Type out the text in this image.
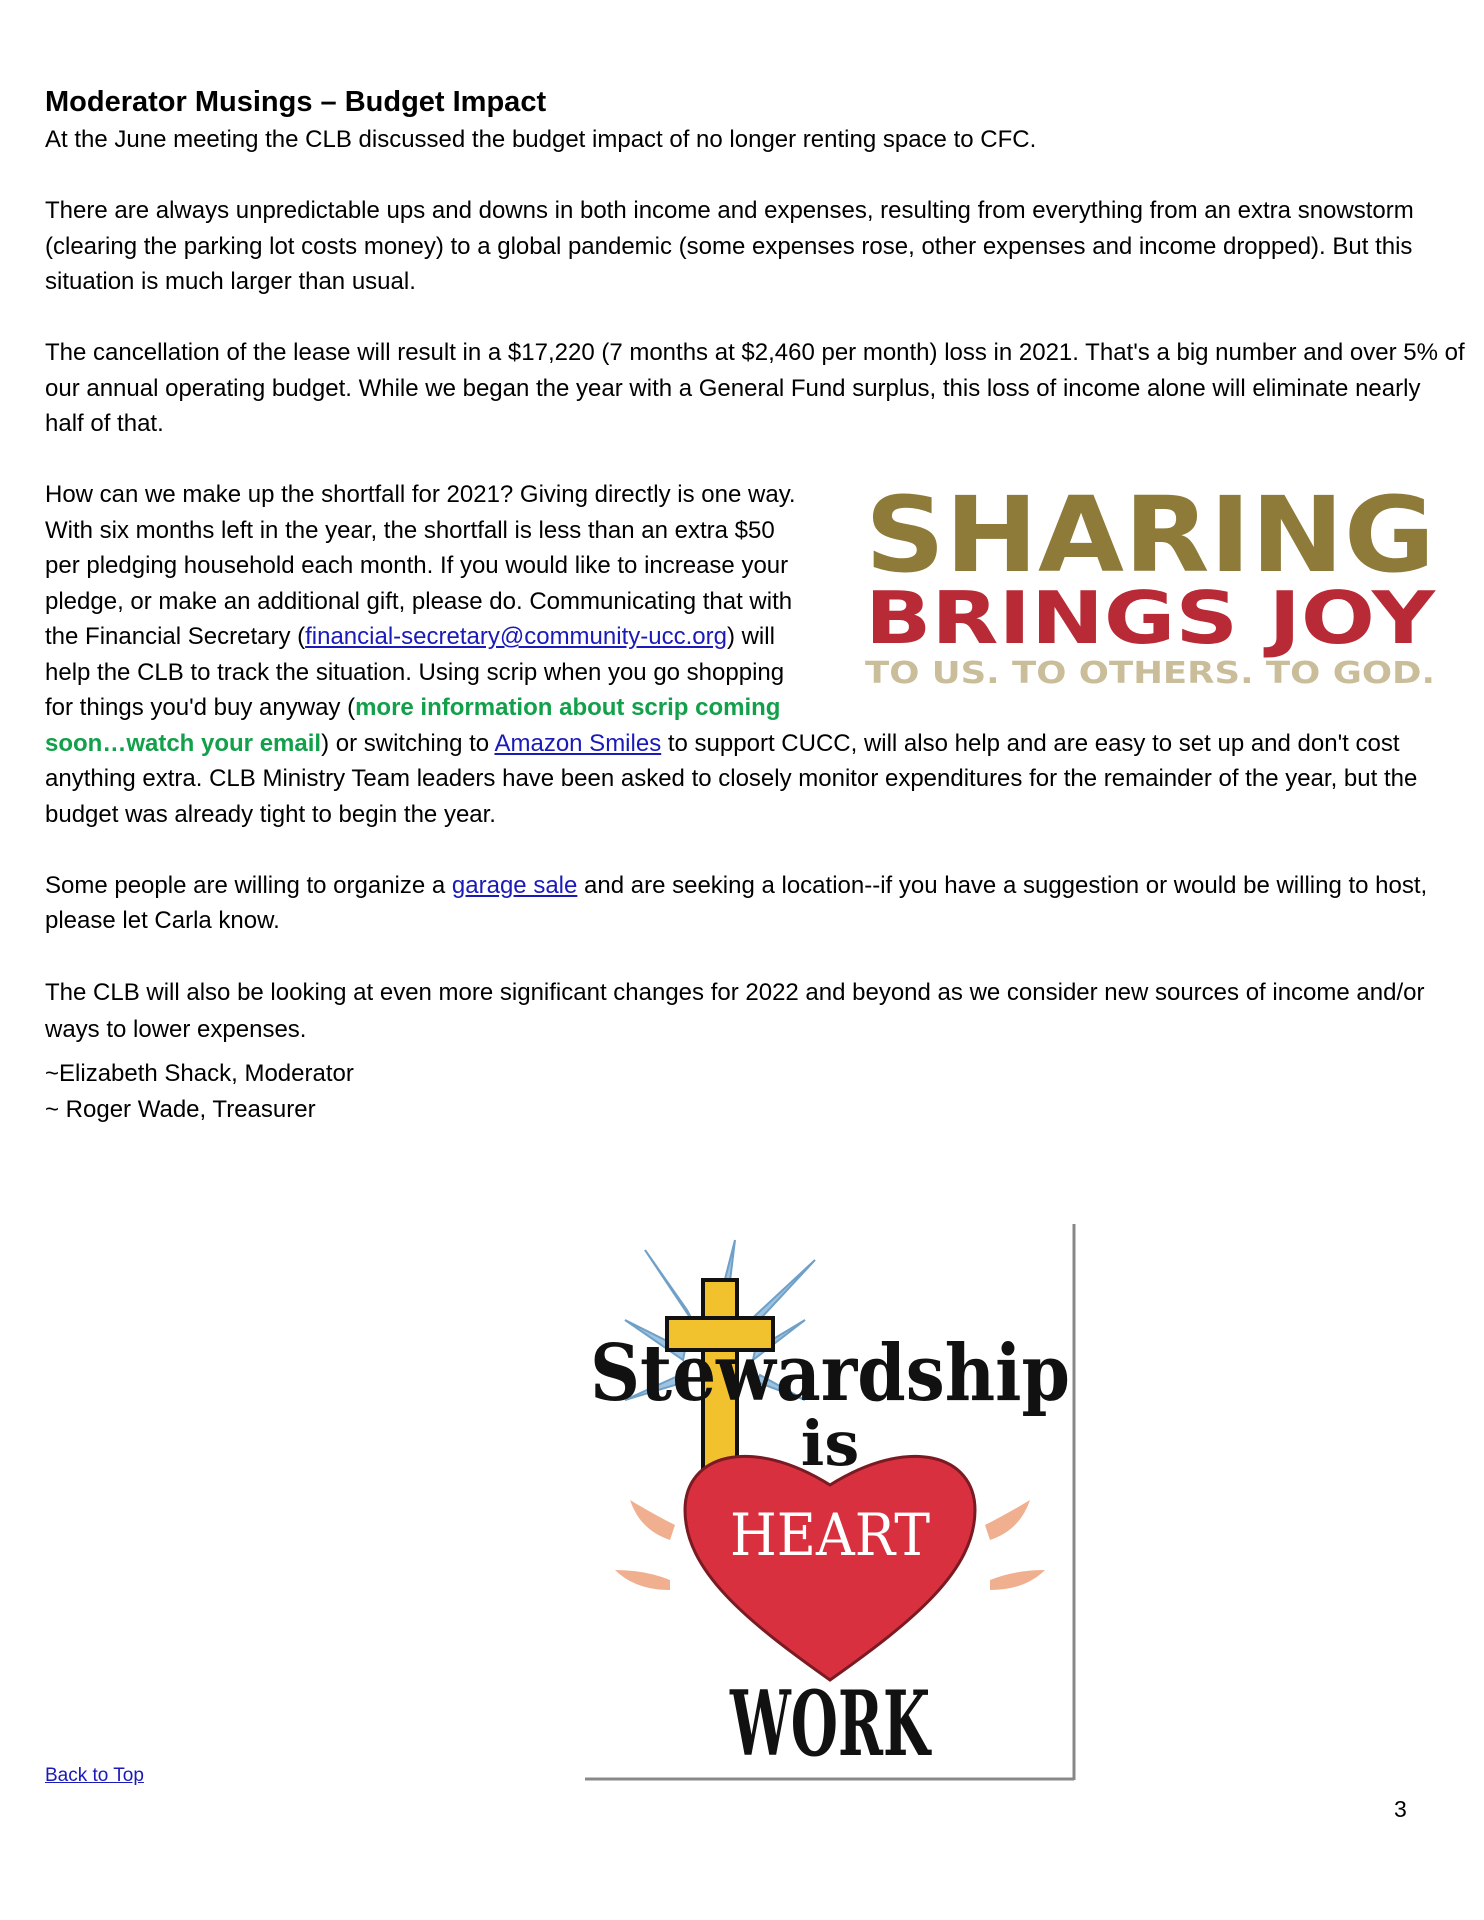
Moderator Musings – Budget Impact

At the June meeting the CLB discussed the budget impact of no longer renting space to CFC.

There are always unpredictable ups and downs in both income and expenses, resulting from everything from an extra snowstorm (clearing the parking lot costs money) to a global pandemic (some expenses rose, other expenses and income dropped). But this situation is much larger than usual.

The cancellation of the lease will result in a $17,220 (7 months at $2,460 per month) loss in 2021. That's a big number and over 5% of our annual operating budget. While we began the year with a General Fund surplus, this loss of income alone will eliminate nearly half of that.

SHARING
BRINGS JOY
TO US. TO OTHERS. TO GOD.

How can we make up the shortfall for 2021? Giving directly is one way. With six months left in the year, the shortfall is less than an extra $50 per pledging household each month. If you would like to increase your pledge, or make an additional gift, please do. Communicating that with the Financial Secretary (financial-secretary@community-ucc.org) will help the CLB to track the situation. Using scrip when you go shopping for things you'd buy anyway (more information about scrip coming soon…watch your email) or switching to Amazon Smiles to support CUCC, will also help and are easy to set up and don't cost anything extra. CLB Ministry Team leaders have been asked to closely monitor expenditures for the remainder of the year, but the budget was already tight to begin the year.

Some people are willing to organize a garage sale and are seeking a location--if you have a suggestion or would be willing to host, please let Carla know.

The CLB will also be looking at even more significant changes for 2022 and beyond as we consider new sources of income and/or ways to lower expenses.

~Elizabeth Shack, Moderator

~ Roger Wade, Treasurer

Stewardship
is
HEART
WORK
Back to Top
3
